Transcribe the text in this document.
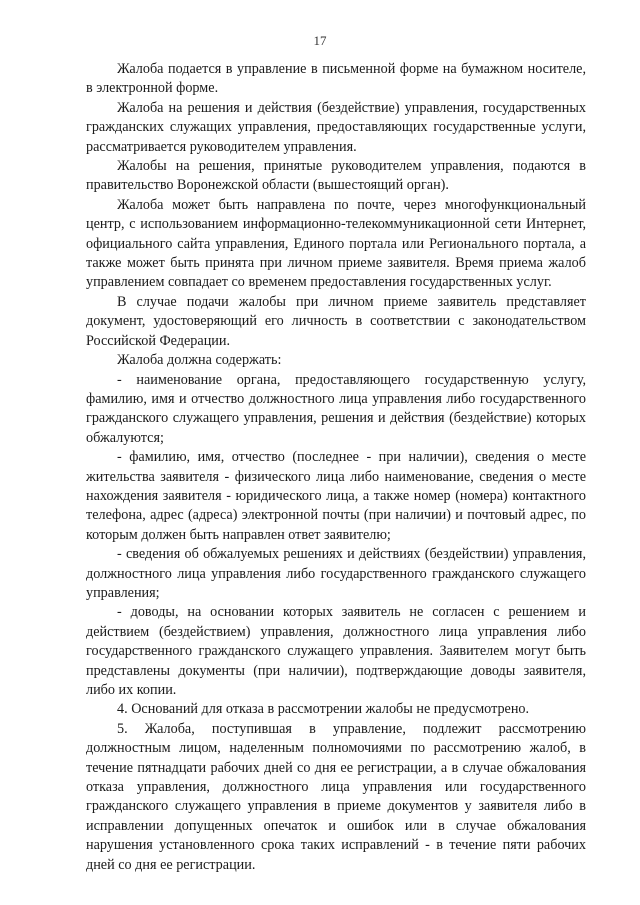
17

Жалоба подается в управление в письменной форме на бумажном носителе, в электронной форме.

Жалоба на решения и действия (бездействие) управления, государственных гражданских служащих управления, предоставляющих государственные услуги, рассматривается руководителем управления.

Жалобы на решения, принятые руководителем управления, подаются в правительство Воронежской области (вышестоящий орган).

Жалоба может быть направлена по почте, через многофункциональный центр, с использованием информационно-телекоммуникационной сети Интернет, официального сайта управления, Единого портала или Регионального портала, а также может быть принята при личном приеме заявителя. Время приема жалоб управлением совпадает со временем предоставления государственных услуг.

В случае подачи жалобы при личном приеме заявитель представляет документ, удостоверяющий его личность в соответствии с законодательством Российской Федерации.

Жалоба должна содержать:

- наименование органа, предоставляющего государственную услугу, фамилию, имя и отчество должностного лица управления либо государственного гражданского служащего управления, решения и действия (бездействие) которых обжалуются;

- фамилию, имя, отчество (последнее - при наличии), сведения о месте жительства заявителя - физического лица либо наименование, сведения о месте нахождения заявителя - юридического лица, а также номер (номера) контактного телефона, адрес (адреса) электронной почты (при наличии) и почтовый адрес, по которым должен быть направлен ответ заявителю;

- сведения об обжалуемых решениях и действиях (бездействии) управления, должностного лица управления либо государственного гражданского служащего управления;

- доводы, на основании которых заявитель не согласен с решением и действием (бездействием) управления, должностного лица управления либо государственного гражданского служащего управления. Заявителем могут быть представлены документы (при наличии), подтверждающие доводы заявителя, либо их копии.

4. Оснований для отказа в рассмотрении жалобы не предусмотрено.

5. Жалоба, поступившая в управление, подлежит рассмотрению должностным лицом, наделенным полномочиями по рассмотрению жалоб, в течение пятнадцати рабочих дней со дня ее регистрации, а в случае обжалования отказа управления, должностного лица управления или государственного гражданского служащего управления в приеме документов у заявителя либо в исправлении допущенных опечаток и ошибок или в случае обжалования нарушения установленного срока таких исправлений - в течение пяти рабочих дней со дня ее регистрации.
